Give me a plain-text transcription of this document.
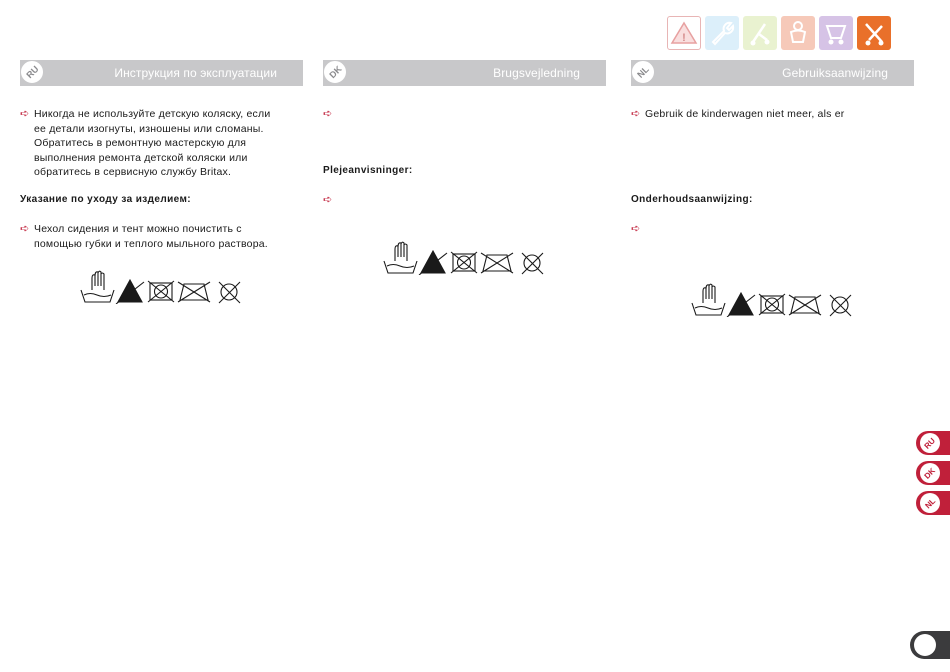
!
Инструкция по эксплуатации
RU
➪ Никогда не используйте детскую коляску, если
ее детали изогнуты, изношены или сломаны.
Обратитесь в ремонтную мастерскую для
выполнения ремонта детской коляски или
обратитесь в сервисную службу Britax.
Указание по уходу за изделием:
➪ Чехол сидения и тент можно почистить с
помощью губки и теплого мыльного раствора.
Brugsvejledning
DK
➪
Plejeanvisninger:
➪
Gebruiksaanwijzing
NL
➪ Gebruik de kinderwagen niet meer, als er
Onderhoudsaanwijzing:
➪
RU
DK
NL
